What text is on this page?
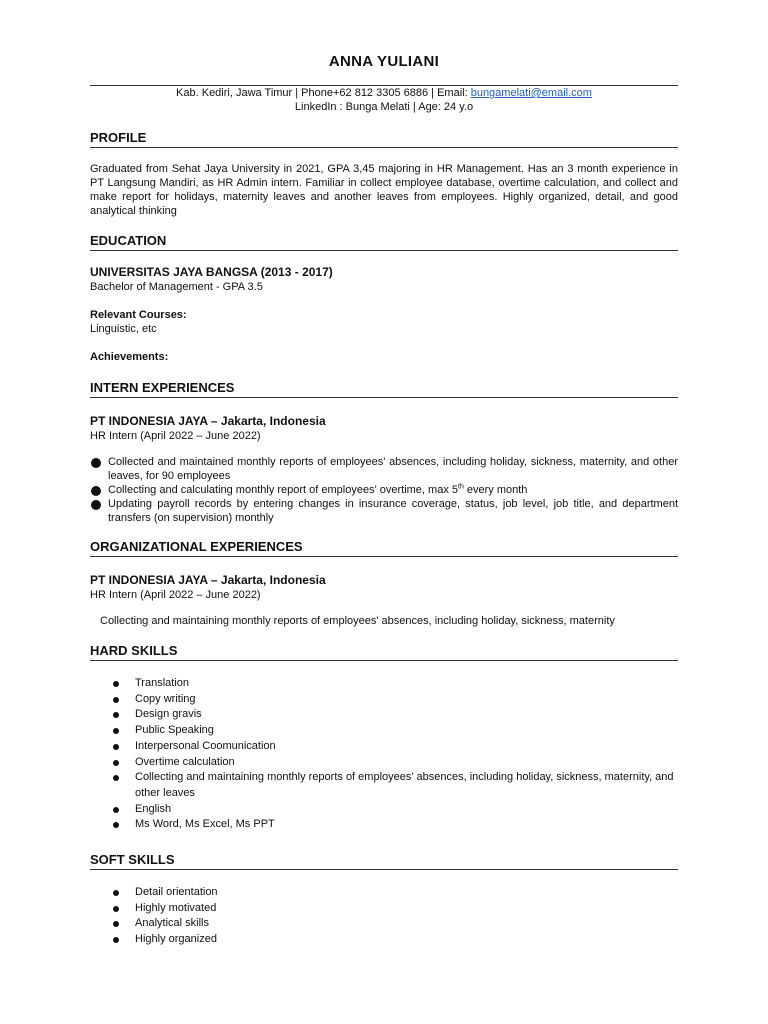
ANNA YULIANI
Kab. Kediri, Jawa Timur | Phone+62 812 3305 6886 | Email: bungamelati@email.com
LinkedIn : Bunga Melati | Age: 24 y.o
PROFILE
Graduated from Sehat Jaya University in 2021, GPA 3,45 majoring in HR Management. Has an 3 month experience in PT Langsung Mandiri, as HR Admin intern. Familiar in collect employee database, overtime calculation, and collect and make report for holidays, maternity leaves and another leaves from employees. Highly organized, detail, and good analytical thinking
EDUCATION
UNIVERSITAS JAYA BANGSA (2013 - 2017)
Bachelor of Management - GPA 3.5
Relevant Courses:
Linguistic, etc
Achievements:
INTERN EXPERIENCES
PT INDONESIA JAYA – Jakarta, Indonesia
HR Intern (April 2022 – June 2022)
Collected and maintained monthly reports of employees' absences, including holiday, sickness, maternity, and other leaves, for 90 employees
Collecting and calculating monthly report of employees' overtime, max 5th every month
Updating payroll records by entering changes in insurance coverage, status, job level, job title, and department transfers (on supervision) monthly
ORGANIZATIONAL EXPERIENCES
PT INDONESIA JAYA – Jakarta, Indonesia
HR Intern (April 2022 – June 2022)
Collecting and maintaining monthly reports of employees' absences, including holiday, sickness, maternity
HARD SKILLS
Translation
Copy writing
Design gravis
Public Speaking
Interpersonal Coomunication
Overtime calculation
Collecting and maintaining monthly reports of employees' absences, including holiday, sickness, maternity, and other leaves
English
Ms Word, Ms Excel, Ms PPT
SOFT SKILLS
Detail orientation
Highly motivated
Analytical skills
Highly organized
